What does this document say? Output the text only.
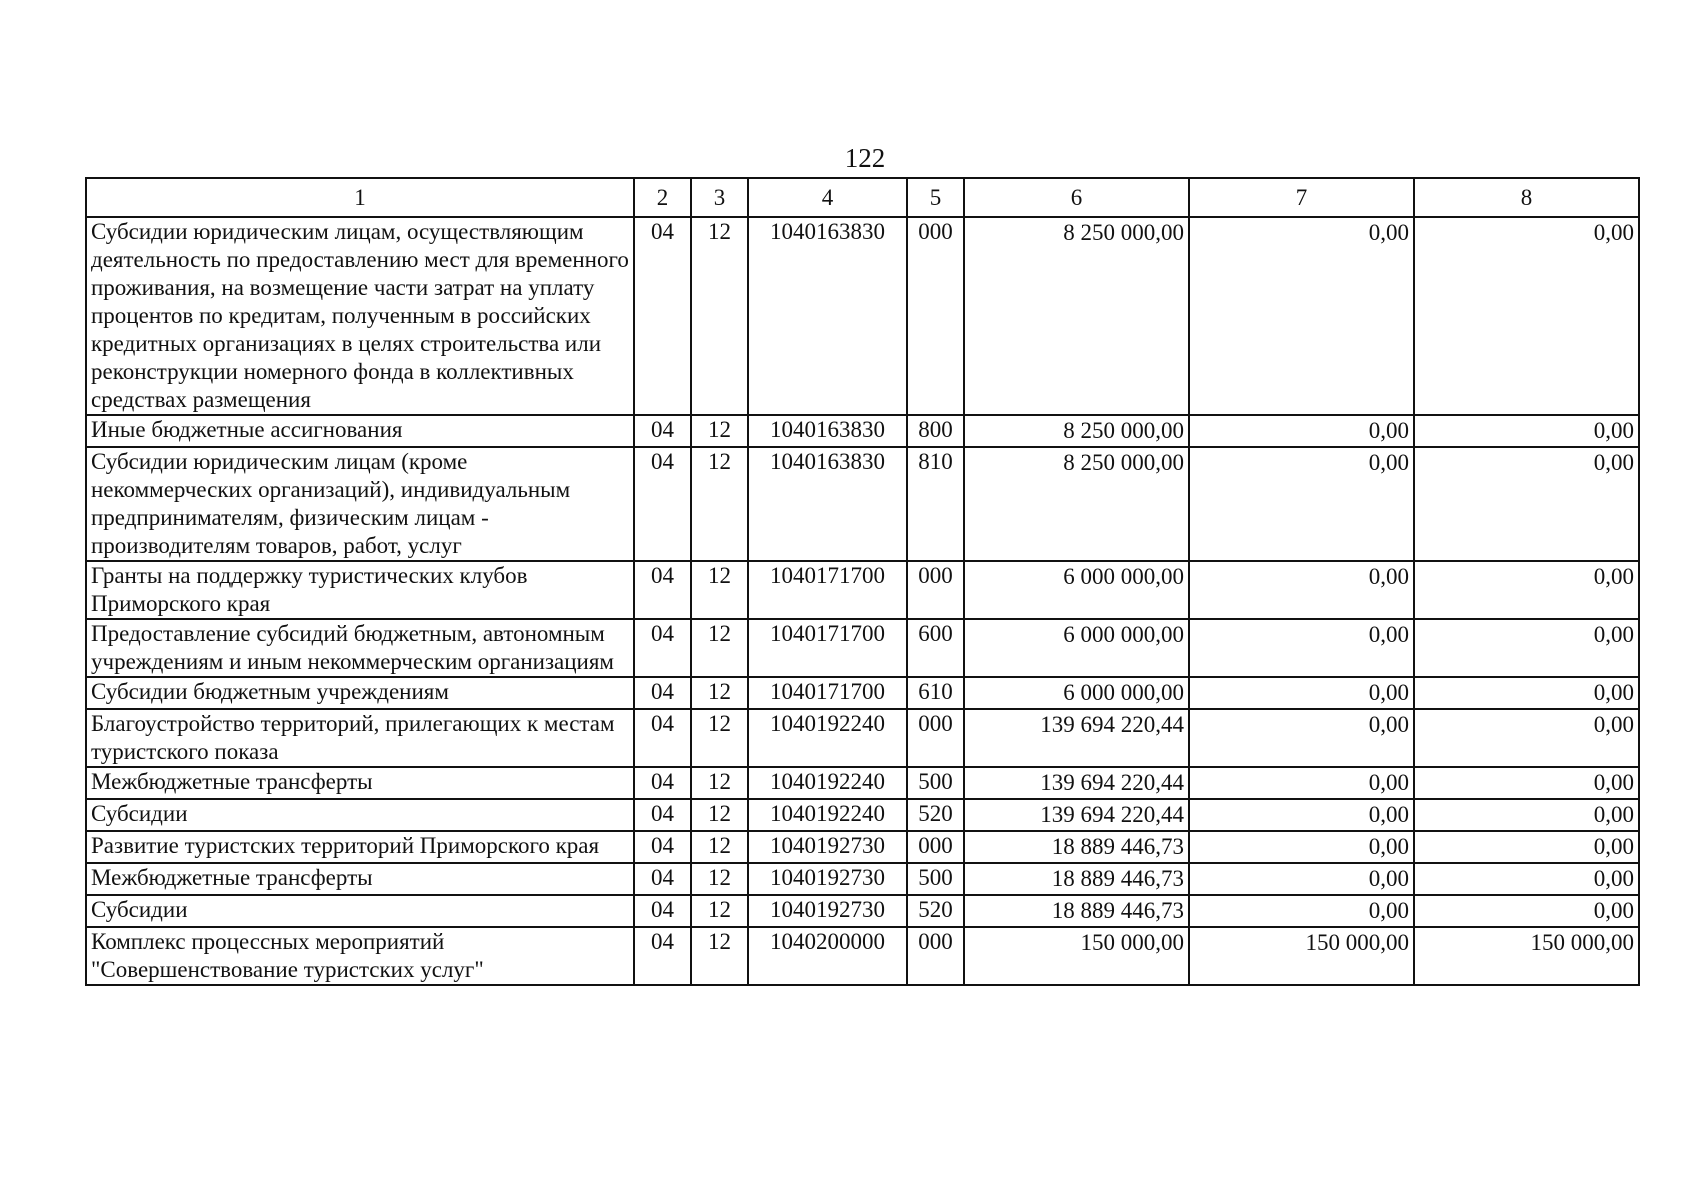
122
1	2	3	4	5	6	7	8
Субсидии юридическим лицам, осуществляющим деятельность по предоставлению мест для временного проживания, на возмещение части затрат на уплату процентов по кредитам, полученным в российских кредитных организациях в целях строительства или реконструкции номерного фонда в коллективных средствах размещения	04	12	1040163830	000	8 250 000,00	0,00	0,00

Иные бюджетные ассигнования	04	12	1040163830	800	8 250 000,00	0,00	0,00

Субсидии юридическим лицам (кроме некоммерческих организаций), индивидуальным предпринимателям, физическим лицам - производителям товаров, работ, услуг	04	12	1040163830	810	8 250 000,00	0,00	0,00

Гранты на поддержку туристических клубов Приморского края	04	12	1040171700	000	6 000 000,00	0,00	0,00

Предоставление субсидий бюджетным, автономным учреждениям и иным некоммерческим организациям	04	12	1040171700	600	6 000 000,00	0,00	0,00

Субсидии бюджетным учреждениям	04	12	1040171700	610	6 000 000,00	0,00	0,00

Благоустройство территорий, прилегающих к местам туристского показа	04	12	1040192240	000	139 694 220,44	0,00	0,00

Межбюджетные трансферты	04	12	1040192240	500	139 694 220,44	0,00	0,00

Субсидии	04	12	1040192240	520	139 694 220,44	0,00	0,00

Развитие туристских территорий Приморского края	04	12	1040192730	000	18 889 446,73	0,00	0,00

Межбюджетные трансферты	04	12	1040192730	500	18 889 446,73	0,00	0,00

Субсидии	04	12	1040192730	520	18 889 446,73	0,00	0,00

Комплекс процессных мероприятий "Совершенствование туристских услуг"	04	12	1040200000	000	150 000,00	150 000,00	150 000,00
